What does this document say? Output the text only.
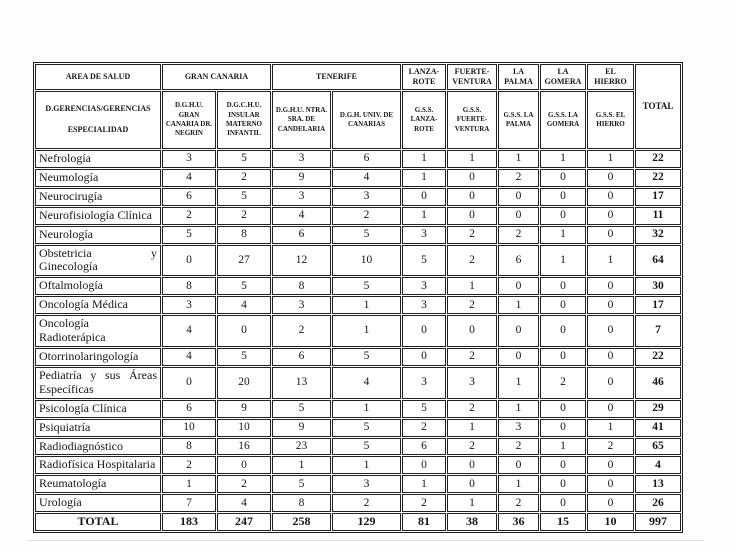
AREA DE SALUD	GRAN CANARIA		TENERIFE		LANZA-ROTE	FUERTE-VENTURA	LA PALMA	LA GOMERA	EL HIERRO	TOTAL

D.GERENCIAS/GERENCIAS
ESPECIALIDAD	D.G.H.U. GRAN CANARIA DR. NEGRIN	D.G.C.H.U. INSULAR MATERNO INFANTIL	D.G.H.U. NTRA. SRA. DE CANDELARIA	D.G.H. UNIV. DE CANARIAS	G.S.S. LANZA-ROTE	G.S.S. FUERTE-VENTURA	G.S.S. LA PALMA	G.S.S. LA GOMERA	G.S.S. EL HIERRO	
Nefrología	3	5	3	6	1	1	1	1	1	22
Neumología	4	2	9	4	1	0	2	0	0	22
Neurocirugía	6	5	3	3	0	0	0	0	0	17
Neurofisiología Clínica	2	2	4	2	1	0	0	0	0	11
Neurología	5	8	6	5	3	2	2	1	0	32
Obstetricia y Ginecología	0	27	12	10	5	2	6	1	1	64
Oftalmología	8	5	8	5	3	1	0	0	0	30
Oncología Médica	3	4	3	1	3	2	1	0	0	17
Oncología Radioterápica	4	0	2	1	0	0	0	0	0	7
Otorrinolaringología	4	5	6	5	0	2	0	0	0	22
Pediatría y sus Áreas Específicas	0	20	13	4	3	3	1	2	0	46
Psicología Clínica	6	9	5	1	5	2	1	0	0	29
Psiquiatría	10	10	9	5	2	1	3	0	1	41
Radiodiagnóstico	8	16	23	5	6	2	2	1	2	65
Radiofísica Hospitalaria	2	0	1	1	0	0	0	0	0	4
Reumatología	1	2	5	3	1	0	1	0	0	13
Urología	7	4	8	2	2	1	2	0	0	26
TOTAL	183	247	258	129	81	38	36	15	10	997
